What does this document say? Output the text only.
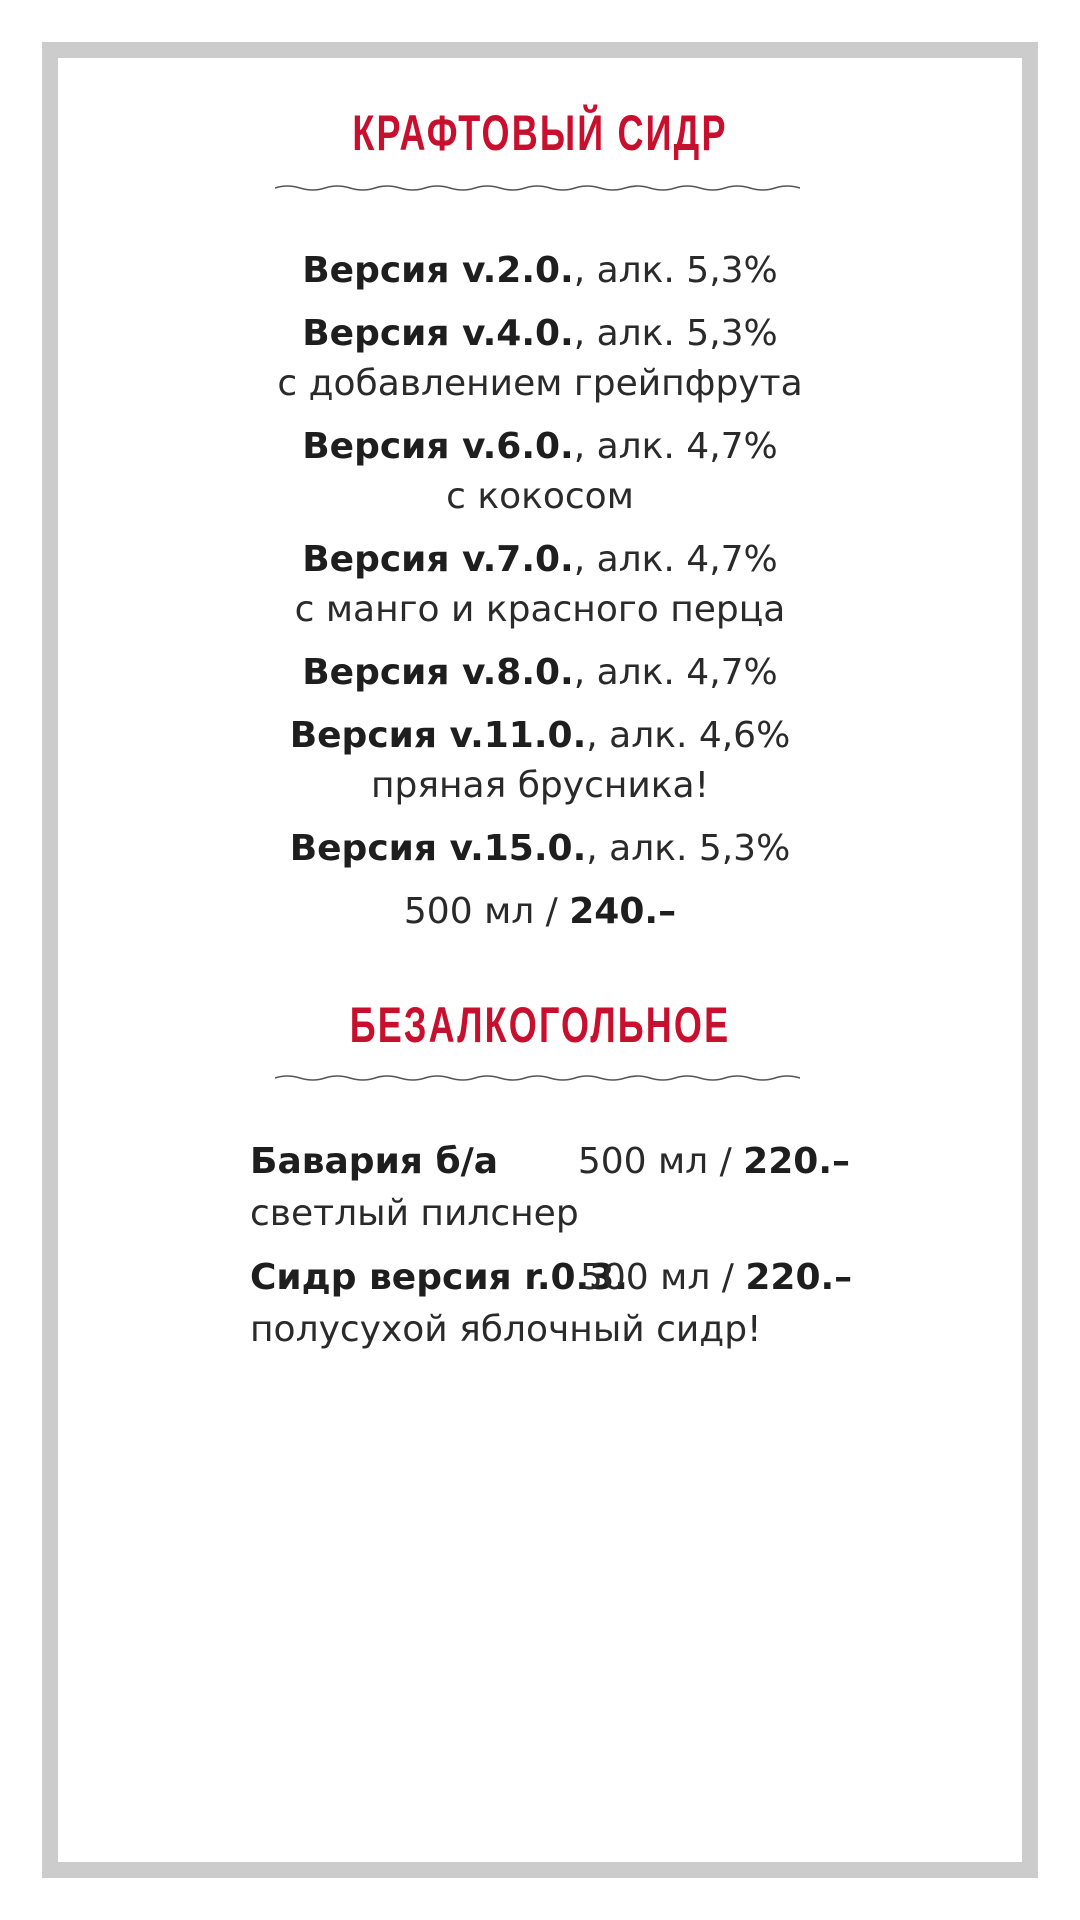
КРАФТОВЫЙ СИДР
Версия v.2.0., алк. 5,3%
Версия v.4.0., алк. 5,3%
с добавлением грейпфрута
Версия v.6.0., алк. 4,7%
с кокосом
Версия v.7.0., алк. 4,7%
с манго и красного перца
Версия v.8.0., алк. 4,7%
Версия v.11.0., алк. 4,6%
пряная брусника!
Версия v.15.0., алк. 5,3%
500 мл / 240.–
БЕЗАЛКОГОЛЬНОЕ
Бавария б/а	500 мл / 220.–
светлый пилснер
Сидр версия r.0.3.
500 мл / 220.–
полусухой яблочный сидр!
